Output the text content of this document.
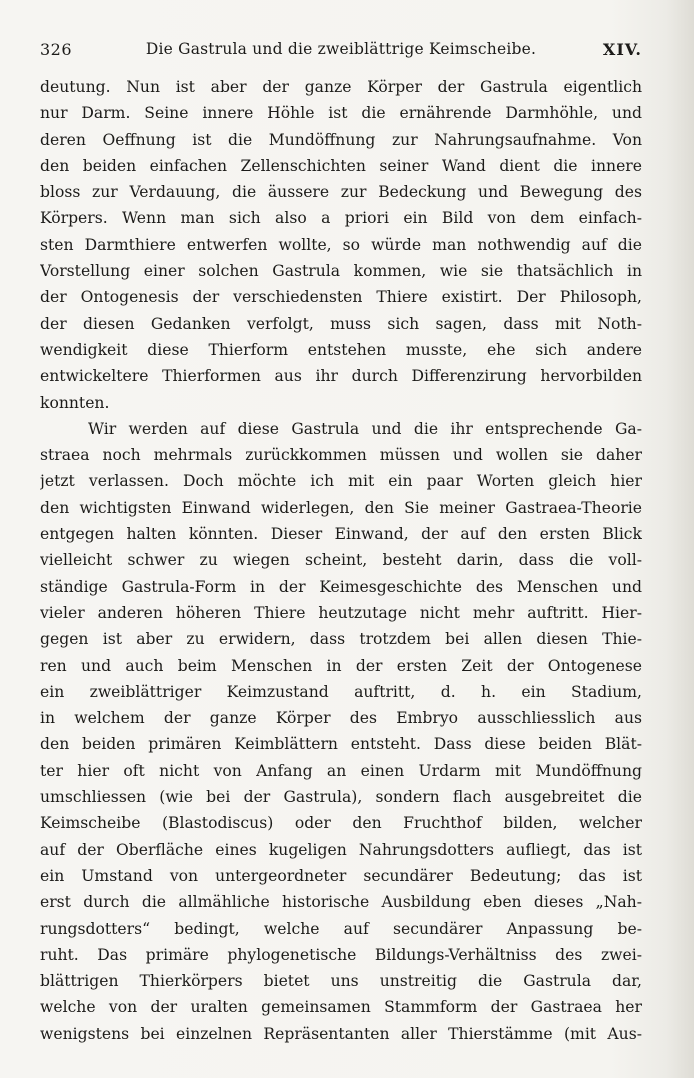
326	Die Gastrula und die zweiblättrige Keimscheibe.	XIV.
deutung. Nun ist aber der ganze Körper der Gastrula eigentlich
nur Darm. Seine innere Höhle ist die ernährende Darmhöhle, und
deren Oeffnung ist die Mundöffnung zur Nahrungsaufnahme. Von
den beiden einfachen Zellenschichten seiner Wand dient die innere
bloss zur Verdauung, die äussere zur Bedeckung und Bewegung des
Körpers. Wenn man sich also a priori ein Bild von dem einfach-
sten Darmthiere entwerfen wollte, so würde man nothwendig auf die
Vorstellung einer solchen Gastrula kommen, wie sie thatsächlich in
der Ontogenesis der verschiedensten Thiere existirt. Der Philosoph,
der diesen Gedanken verfolgt, muss sich sagen, dass mit Noth-
wendigkeit diese Thierform entstehen musste, ehe sich andere
entwickeltere Thierformen aus ihr durch Differenzirung hervorbilden
konnten.
Wir werden auf diese Gastrula und die ihr entsprechende Ga-
straea noch mehrmals zurückkommen müssen und wollen sie daher
jetzt verlassen. Doch möchte ich mit ein paar Worten gleich hier
den wichtigsten Einwand widerlegen, den Sie meiner Gastraea-Theorie
entgegen halten könnten. Dieser Einwand, der auf den ersten Blick
vielleicht schwer zu wiegen scheint, besteht darin, dass die voll-
ständige Gastrula-Form in der Keimesgeschichte des Menschen und
vieler anderen höheren Thiere heutzutage nicht mehr auftritt. Hier-
gegen ist aber zu erwidern, dass trotzdem bei allen diesen Thie-
ren und auch beim Menschen in der ersten Zeit der Ontogenese
ein zweiblättriger Keimzustand auftritt, d. h. ein Stadium,
in welchem der ganze Körper des Embryo ausschliesslich aus
den beiden primären Keimblättern entsteht. Dass diese beiden Blät-
ter hier oft nicht von Anfang an einen Urdarm mit Mundöffnung
umschliessen (wie bei der Gastrula), sondern flach ausgebreitet die
Keimscheibe (Blastodiscus) oder den Fruchthof bilden, welcher
auf der Oberfläche eines kugeligen Nahrungsdotters aufliegt, das ist
ein Umstand von untergeordneter secundärer Bedeutung; das ist
erst durch die allmähliche historische Ausbildung eben dieses „Nah-
rungsdotters“ bedingt, welche auf secundärer Anpassung be-
ruht. Das primäre phylogenetische Bildungs-Verhältniss des zwei-
blättrigen Thierkörpers bietet uns unstreitig die Gastrula dar,
welche von der uralten gemeinsamen Stammform der Gastraea her
wenigstens bei einzelnen Repräsentanten aller Thierstämme (mit Aus-
